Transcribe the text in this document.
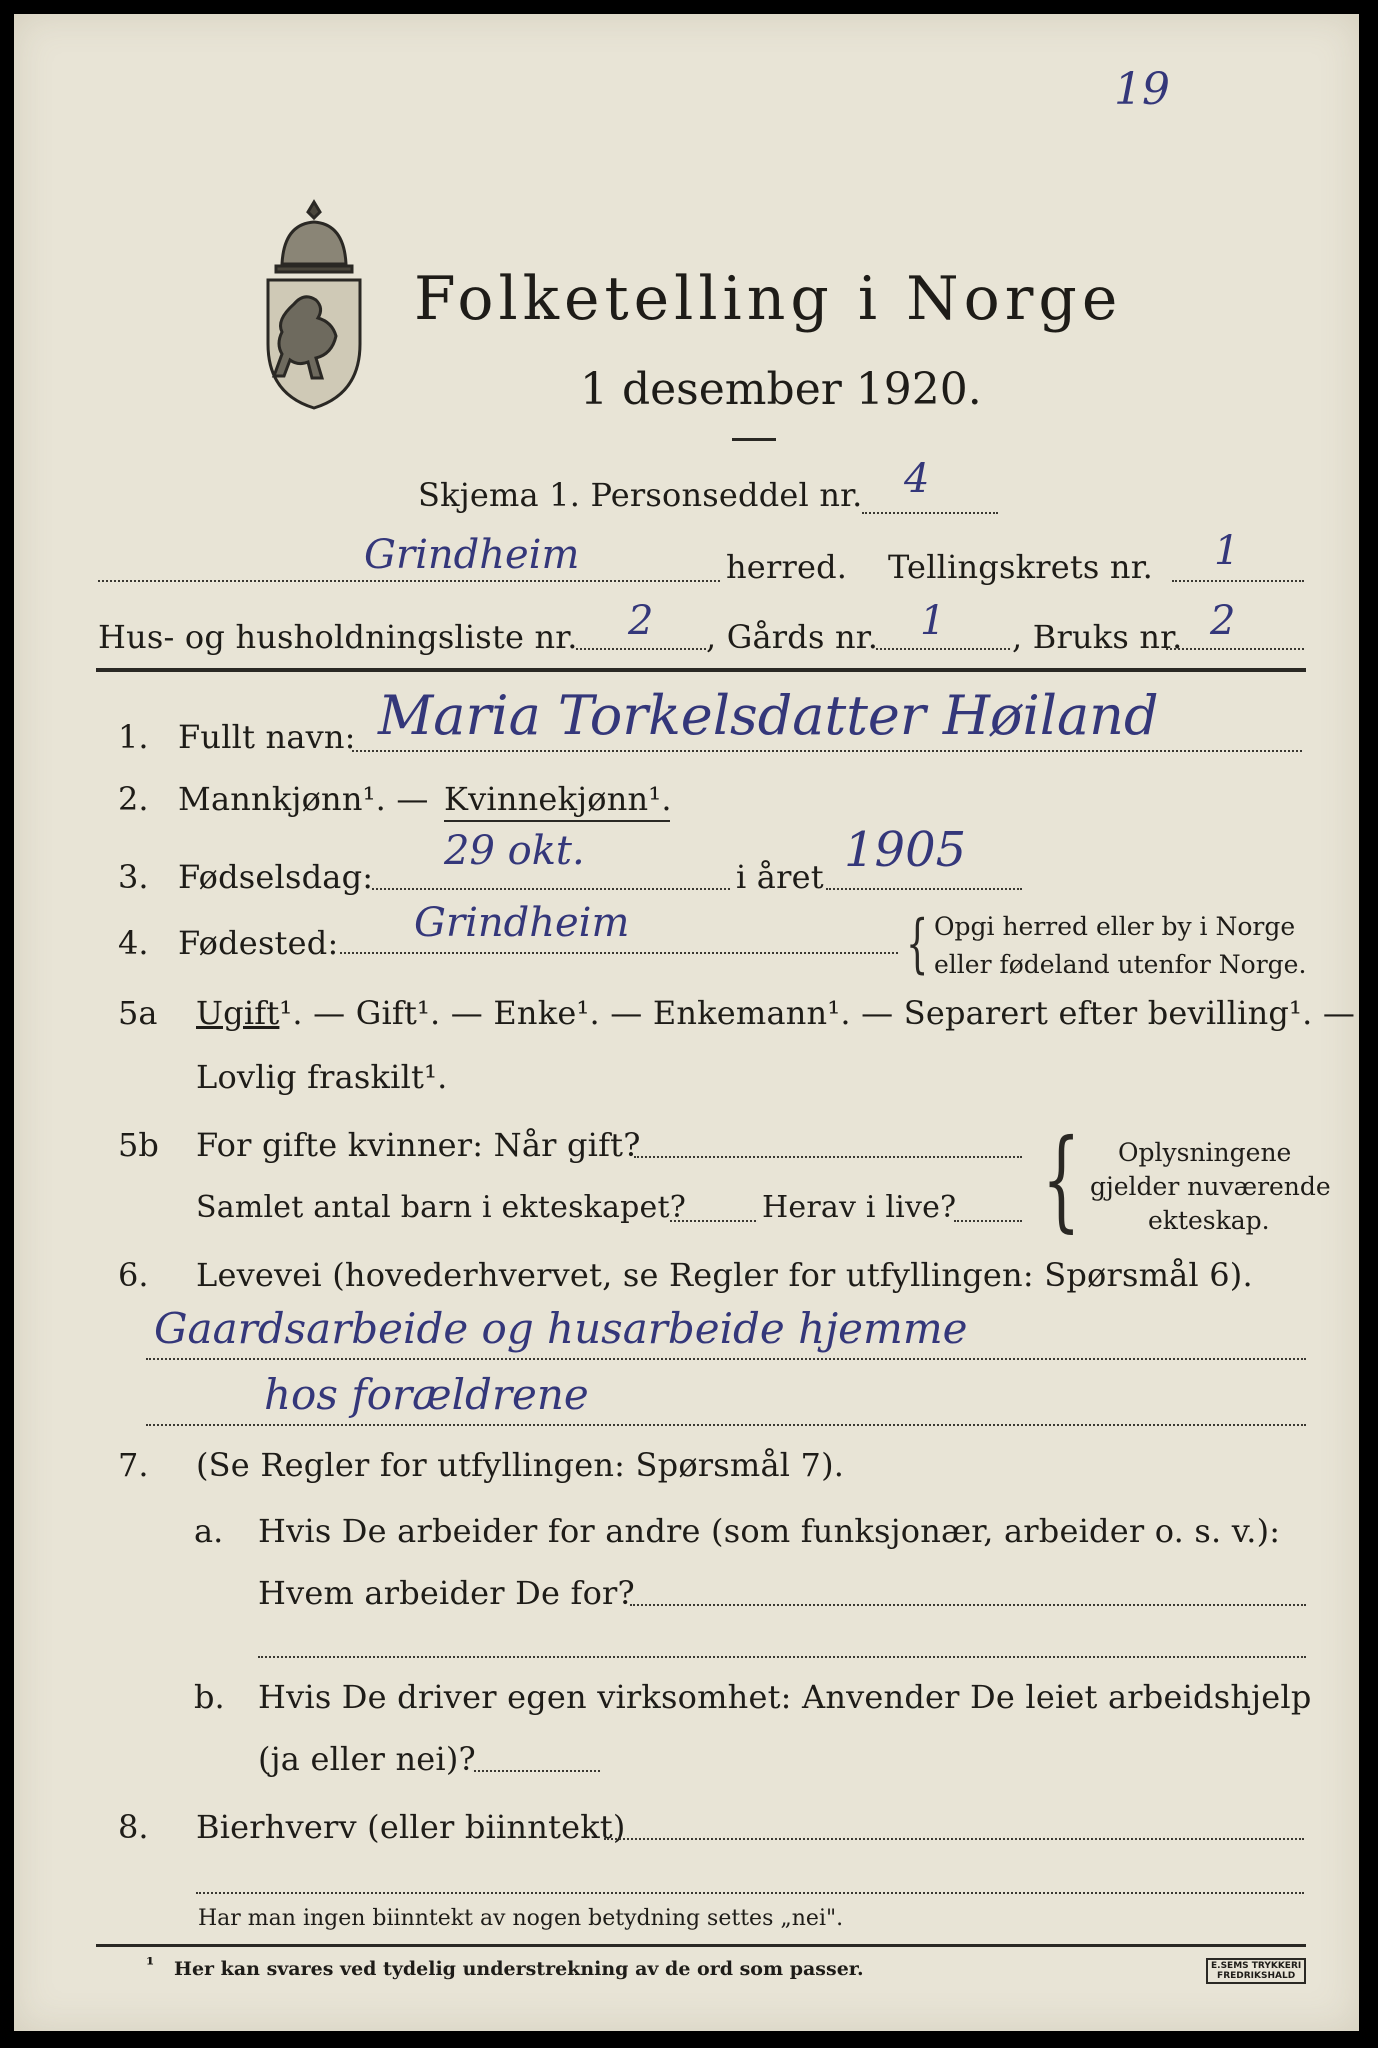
19
Folketelling i Norge
1 desember 1920.
Skjema 1. Personseddel nr. 4
Grindheim	herred. Tellingskrets nr. 1
Hus- og husholdningsliste nr. 2 , Gårds nr. 1 , Bruks nr. 2
1. Fullt navn: Maria Torkelsdatter Høiland
2. Mannkjønn¹. — Kvinnekjønn¹.
3. Fødselsdag:
29 okt.
i året 1905
4. Fødested: Grindheim	{ Opgi herred eller by i Norge
eller fødeland utenfor Norge.
5a Ugift¹. — Gift¹. — Enke¹. — Enkemann¹. — Separert efter bevilling¹. —
Lovlig fraskilt¹.
5b For gifte kvinner: Når gift?
Samlet antal barn i ekteskapet?	Herav i live? { Oplysningene
gjelder nuværende
ekteskap.
6. Levevei (hovederhvervet, se Regler for utfyllingen: Spørsmål 6).
Gaardsarbeide og husarbeide hjemme
hos forældrene
7. (Se Regler for utfyllingen: Spørsmål 7).
a. Hvis De arbeider for andre (som funksjonær, arbeider o. s. v.):
Hvem arbeider De for?
b. Hvis De driver egen virksomhet: Anvender De leiet arbeidshjelp
(ja eller nei)?
8. Bierhverv (eller biinntekt)
Har man ingen biinntekt av nogen betydning settes „nei".
¹ Her kan svares ved tydelig understrekning av de ord som passer.	E.SEMS TRYKKERI
FREDRIKSHALD
